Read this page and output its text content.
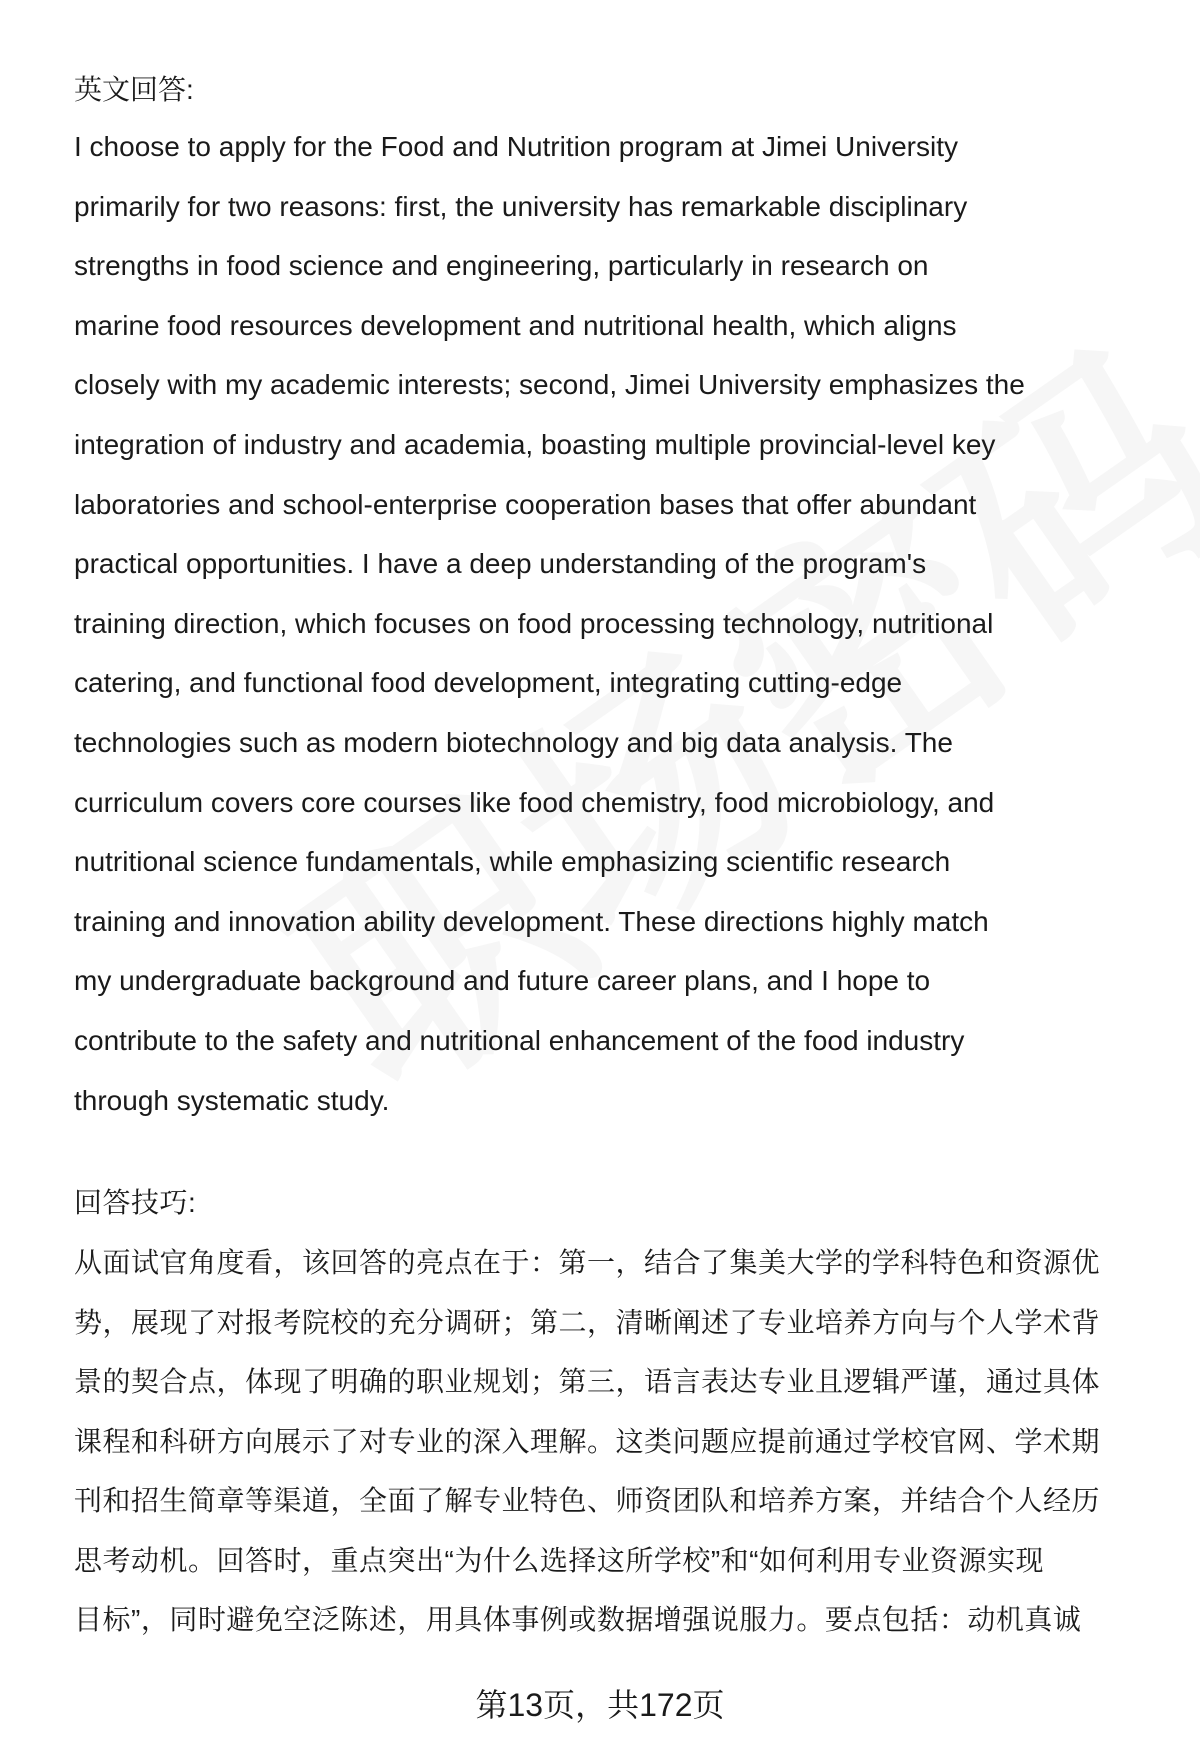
英文回答:
I choose to apply for the Food and Nutrition program at Jimei University
primarily for two reasons: first, the university has remarkable disciplinary
strengths in food science and engineering, particularly in research on
marine food resources development and nutritional health, which aligns
closely with my academic interests; second, Jimei University emphasizes the
integration of industry and academia, boasting multiple provincial-level key
laboratories and school-enterprise cooperation bases that offer abundant
practical opportunities. I have a deep understanding of the program's
training direction, which focuses on food processing technology, nutritional
catering, and functional food development, integrating cutting-edge
technologies such as modern biotechnology and big data analysis. The
curriculum covers core courses like food chemistry, food microbiology, and
nutritional science fundamentals, while emphasizing scientific research
training and innovation ability development. These directions highly match
my undergraduate background and future career plans, and I hope to
contribute to the safety and nutritional enhancement of the food industry
through systematic study.
回答技巧:
从面试官角度看，该回答的亮点在于：第一，结合了集美大学的学科特色和资源优
势，展现了对报考院校的充分调研；第二，清晰阐述了专业培养方向与个人学术背
景的契合点，体现了明确的职业规划；第三，语言表达专业且逻辑严谨，通过具体
课程和科研方向展示了对专业的深入理解。这类问题应提前通过学校官网、学术期
刊和招生简章等渠道，全面了解专业特色、师资团队和培养方案，并结合个人经历
思考动机。回答时，重点突出“为什么选择这所学校”和“如何利用专业资源实现
目标”，同时避免空泛陈述，用具体事例或数据增强说服力。要点包括：动机真诚
第13页，共172页
